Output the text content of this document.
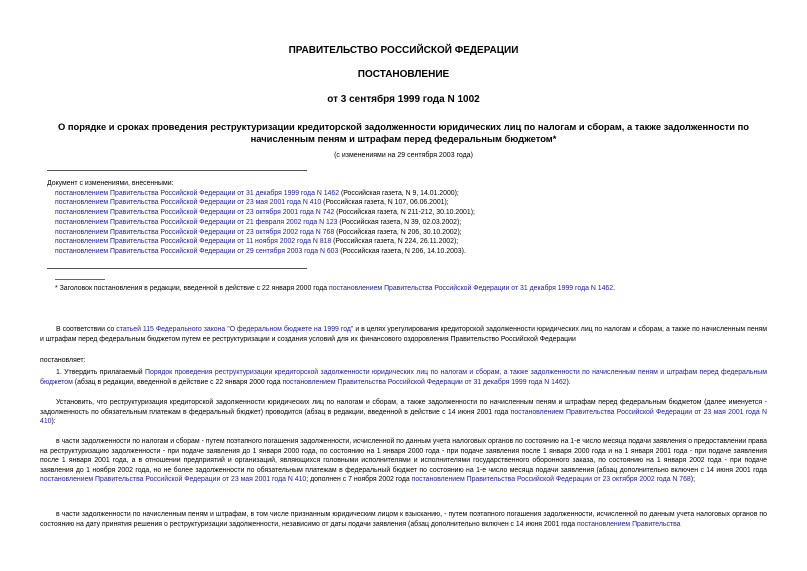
ПРАВИТЕЛЬСТВО РОССИЙСКОЙ ФЕДЕРАЦИИ
ПОСТАНОВЛЕНИЕ
от 3 сентября 1999 года N 1002
О порядке и сроках проведения реструктуризации кредиторской задолженности юридических лиц по налогам и сборам, а также задолженности по начисленным пеням и штрафам перед федеральным бюджетом*
(с изменениями на 29 сентября 2003 года)
Документ с изменениями, внесенными:
постановлением Правительства Российской Федерации от 31 декабря 1999 года N 1462 (Российская газета, N 9, 14.01.2000);
постановлением Правительства Российской Федерации от 23 мая 2001 года N 410 (Российская газета, N 107, 06.06.2001);
постановлением Правительства Российской Федерации от 23 октября 2001 года N 742 (Российская газета, N 211-212, 30.10.2001);
постановлением Правительства Российской Федерации от 21 февраля 2002 года N 123 (Российская газета, N 39, 02.03.2002);
постановлением Правительства Российской Федерации от 23 октября 2002 года N 768 (Российская газета, N 206, 30.10.2002);
постановлением Правительства Российской Федерации от 11 ноября 2002 года N 818 (Российская газета, N 224, 26.11.2002);
постановлением Правительства Российской Федерации от 29 сентября 2003 года N 603 (Российская газета, N 206, 14.10.2003).
* Заголовок постановления в редакции, введенной в действие с 22 января 2000 года постановлением Правительства Российской Федерации от 31 декабря 1999 года N 1462.
В соответствии со статьей 115 Федерального закона "О федеральном бюджете на 1999 год" и в целях урегулирования кредиторской задолженности юридических лиц по налогам и сборам, а также по начисленным пеням и штрафам перед федеральным бюджетом путем ее реструктуризации и создания условий для их финансового оздоровления Правительство Российской Федерации
постановляет:
1. Утвердить прилагаемый Порядок проведения реструктуризации кредиторской задолженности юридических лиц по налогам и сборам, а также задолженности по начисленным пеням и штрафам перед федеральным бюджетом (абзац в редакции, введенной в действие с 22 января 2000 года постановлением Правительства Российской Федерации от 31 декабря 1999 года N 1462).
Установить, что реструктуризация кредиторской задолженности юридических лиц по налогам и сборам, а также задолженности по начисленным пеням и штрафам перед федеральным бюджетом (далее именуется - задолженность по обязательным платежам в федеральный бюджет) проводится (абзац в редакции, введенной в действие с 14 июня 2001 года постановлением Правительства Российской Федерации от 23 мая 2001 года N 410):
в части задолженности по налогам и сборам - путем поэтапного погашения задолженности, исчисленной по данным учета налоговых органов по состоянию на 1-е число месяца подачи заявления о предоставлении права на реструктуризацию задолженности - при подаче заявления до 1 января 2000 года, по состоянию на 1 января 2000 года - при подаче заявления после 1 января 2000 года и на 1 января 2001 года - при подаче заявления после 1 января 2001 года, а в отношении предприятий и организаций, являющихся головными исполнителями и исполнителями государственного оборонного заказа, по состоянию на 1 января 2002 года - при подаче заявления до 1 ноября 2002 года, но не более задолженности по обязательным платежам в федеральный бюджет по состоянию на 1-е число месяца подачи заявления (абзац дополнительно включен с 14 июня 2001 года постановлением Правительства Российской Федерации от 23 мая 2001 года N 410; дополнен с 7 ноября 2002 года постановлением Правительства Российской Федерации от 23 октября 2002 года N 768);
в части задолженности по начисленным пеням и штрафам, в том числе признанным юридическим лицом к взысканию, - путем поэтапного погашения задолженности, исчисленной по данным учета налоговых органов по состоянию на дату принятия решения о реструктуризации задолженности, независимо от даты подачи заявления (абзац дополнительно включен с 14 июня 2001 года постановлением Правительства
